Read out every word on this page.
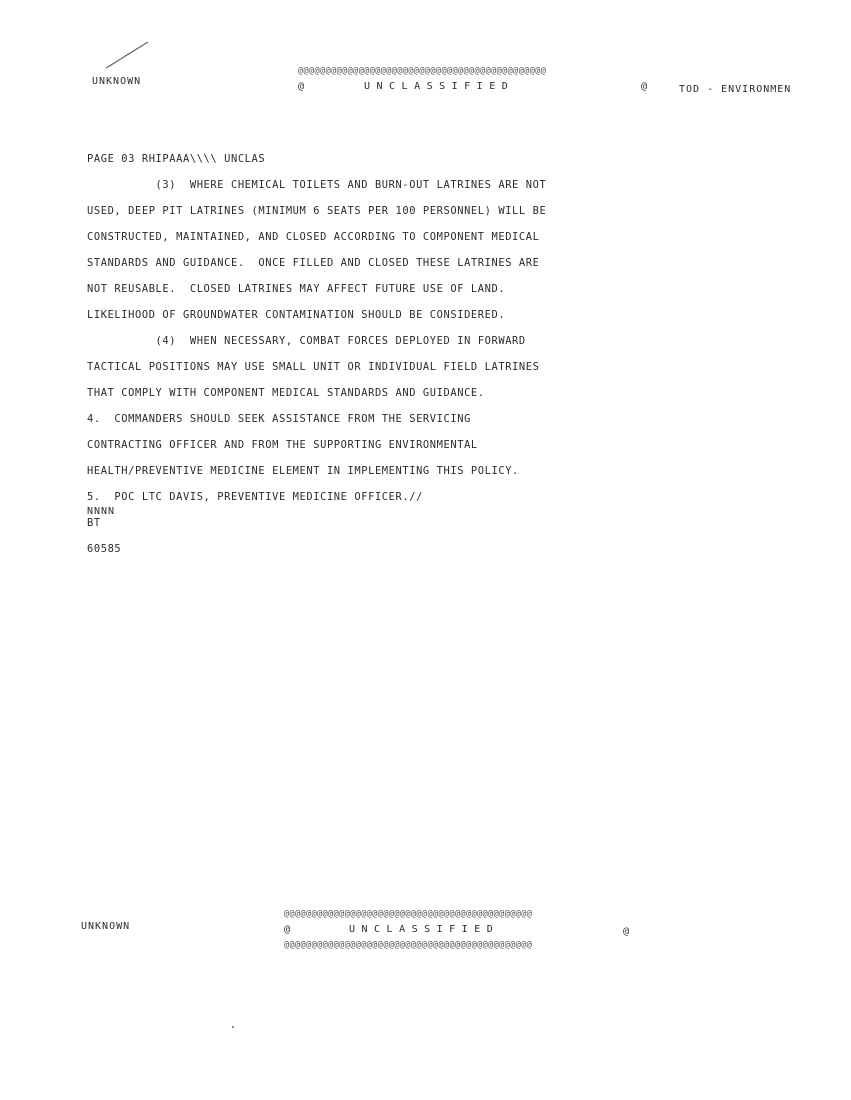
UNKNOWN
@@@@@@@@@@@@@@@@@@@@@@@@@@@@@@@@@@@@@@@@@@@@@
@	UNCLASSIFIED	@	TOD - ENVIRONMEN

PAGE 03 RHIPAAA\\\\ UNCLAS

(3)  WHERE CHEMICAL TOILETS AND BURN-OUT LATRINES ARE NOT

USED, DEEP PIT LATRINES (MINIMUM 6 SEATS PER 100 PERSONNEL) WILL BE

CONSTRUCTED, MAINTAINED, AND CLOSED ACCORDING TO COMPONENT MEDICAL

STANDARDS AND GUIDANCE.  ONCE FILLED AND CLOSED THESE LATRINES ARE

NOT REUSABLE.  CLOSED LATRINES MAY AFFECT FUTURE USE OF LAND.

LIKELIHOOD OF GROUNDWATER CONTAMINATION SHOULD BE CONSIDERED.

(4)  WHEN NECESSARY, COMBAT FORCES DEPLOYED IN FORWARD

TACTICAL POSITIONS MAY USE SMALL UNIT OR INDIVIDUAL FIELD LATRINES

THAT COMPLY WITH COMPONENT MEDICAL STANDARDS AND GUIDANCE.

4.  COMMANDERS SHOULD SEEK ASSISTANCE FROM THE SERVICING

CONTRACTING OFFICER AND FROM THE SUPPORTING ENVIRONMENTAL

HEALTH/PREVENTIVE MEDICINE ELEMENT IN IMPLEMENTING THIS POLICY.

5.  POC LTC DAVIS, PREVENTIVE MEDICINE OFFICER.//

BT

60585

NNNN
UNKNOWN
@@@@@@@@@@@@@@@@@@@@@@@@@@@@@@@@@@@@@@@@@@@@@
@	UNCLASSIFIED	@
@@@@@@@@@@@@@@@@@@@@@@@@@@@@@@@@@@@@@@@@@@@@@
